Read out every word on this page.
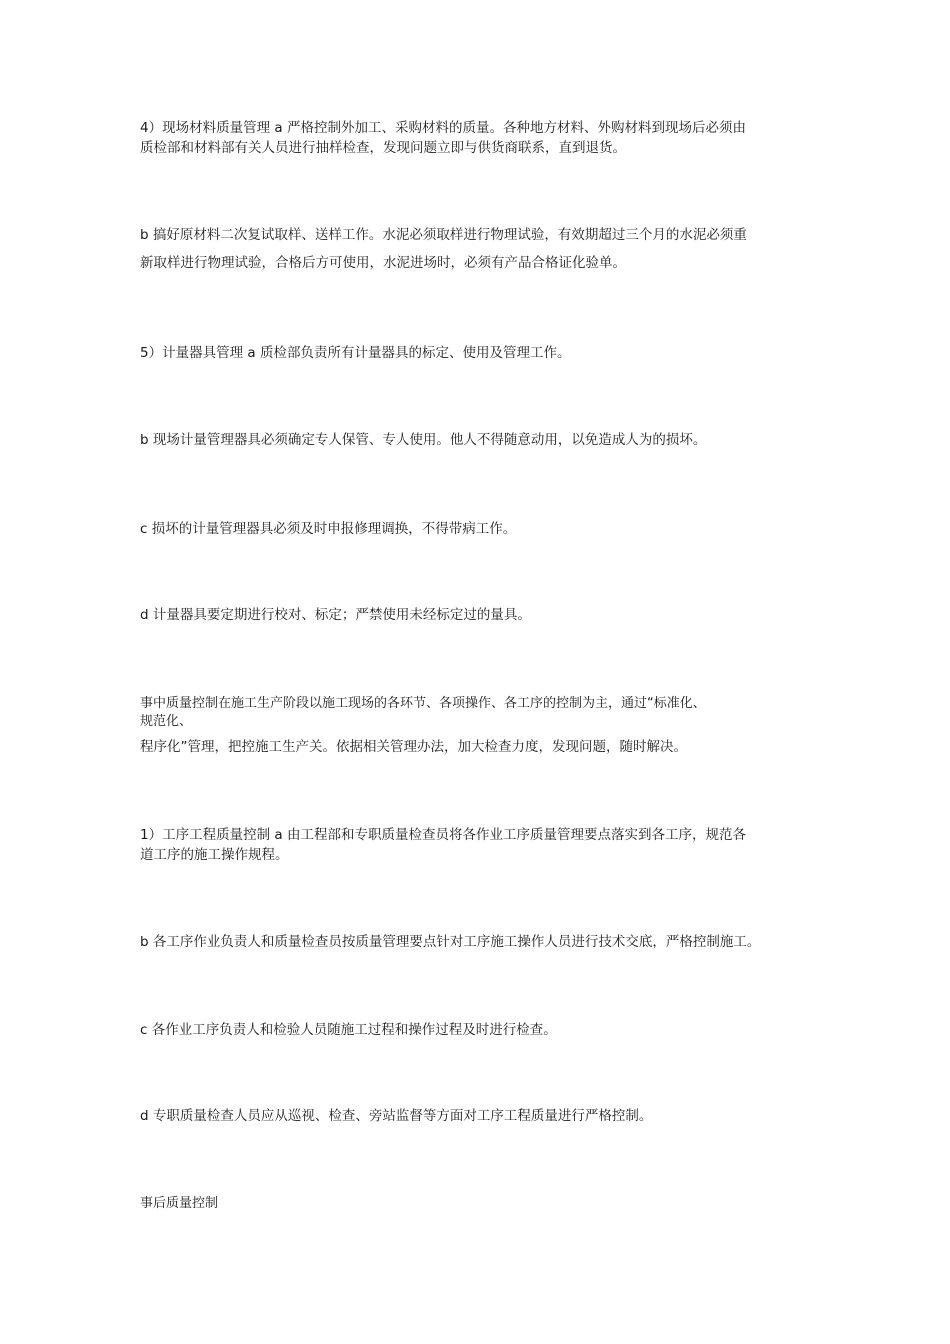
4）现场材料质量管理 a 严格控制外加工、采购材料的质量。各种地方材料、外购材料到现场后必须由
质检部和材料部有关人员进行抽样检查，发现问题立即与供货商联系，直到退货。
b 搞好原材料二次复试取样、送样工作。水泥必须取样进行物理试验，有效期超过三个月的水泥必须重
新取样进行物理试验，合格后方可使用，水泥进场时，必须有产品合格证化验单。
5）计量器具管理 a 质检部负责所有计量器具的标定、使用及管理工作。
b 现场计量管理器具必须确定专人保管、专人使用。他人不得随意动用，以免造成人为的损坏。
c 损坏的计量管理器具必须及时申报修理调换，不得带病工作。
d 计量器具要定期进行校对、标定；严禁使用未经标定过的量具。
事中质量控制在施工生产阶段以施工现场的各环节、各项操作、各工序的控制为主，通过“标准化、
规范化、
程序化”管理，把控施工生产关。依据相关管理办法，加大检查力度，发现问题，随时解决。
1）工序工程质量控制 a 由工程部和专职质量检查员将各作业工序质量管理要点落实到各工序，规范各
道工序的施工操作规程。
b 各工序作业负责人和质量检查员按质量管理要点针对工序施工操作人员进行技术交底，严格控制施工。
c 各作业工序负责人和检验人员随施工过程和操作过程及时进行检查。
d 专职质量检查人员应从巡视、检查、旁站监督等方面对工序工程质量进行严格控制。
事后质量控制
